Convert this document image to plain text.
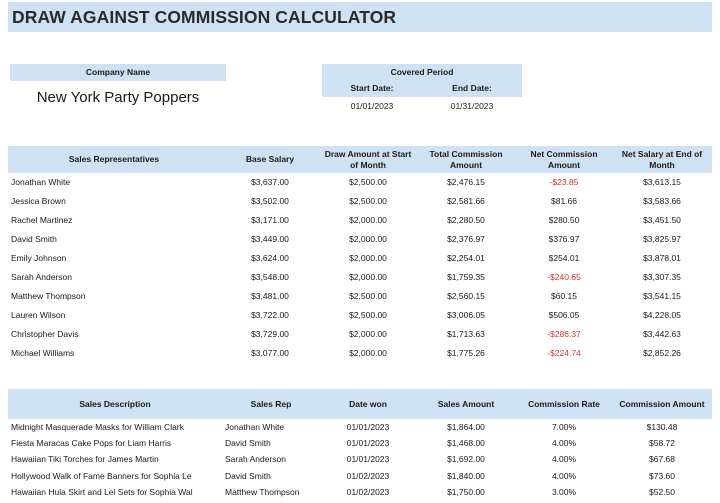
DRAW AGAINST COMMISSION CALCULATOR
Company Name
New York Party Poppers
Covered Period
Start Date:	End Date:
01/01/2023	01/31/2023
Sales Representatives	Base Salary	Draw Amount at Start of Month	Total Commission Amount	Net Commission Amount	Net Salary at End of Month
Jonathan White	$3,637.00	$2,500.00	$2,476.15	-$23.85	$3,613.15
Jessica Brown	$3,502.00	$2,500.00	$2,581.66	$81.66	$3,583.66
Rachel Martinez	$3,171.00	$2,000.00	$2,280.50	$280.50	$3,451.50
David Smith	$3,449.00	$2,000.00	$2,376.97	$376.97	$3,825.97
Emily Johnson	$3,624.00	$2,000.00	$2,254.01	$254.01	$3,878.01
Sarah Anderson	$3,548.00	$2,000.00	$1,759.35	-$240.65	$3,307.35
Matthew Thompson	$3,481.00	$2,500.00	$2,560.15	$60.15	$3,541.15
Lauren Wilson	$3,722.00	$2,500.00	$3,006.05	$506.05	$4,228.05
Christopher Davis	$3,729.00	$2,000.00	$1,713.63	-$286.37	$3,442.63
Michael Williams	$3,077.00	$2,000.00	$1,775.26	-$224.74	$2,852.26
Sales Description	Sales Rep	Date won	Sales Amount	Commission Rate	Commission Amount
Midnight Masquerade Masks for William Clark	Jonathan White	01/01/2023	$1,864.00	7.00%	$130.48
Fiesta Maracas Cake Pops for Liam Harris	David Smith	01/01/2023	$1,468.00	4.00%	$58.72
Hawaiian Tiki Torches for James Martin	Sarah Anderson	01/01/2023	$1,692.00	4.00%	$67.68
Hollywood Walk of Fame Banners for Sophia Le	David Smith	01/02/2023	$1,840.00	4.00%	$73.60
Hawaiian Hula Skirt and Lei Sets for Sophia Wal	Matthew Thompson	01/02/2023	$1,750.00	3.00%	$52.50
